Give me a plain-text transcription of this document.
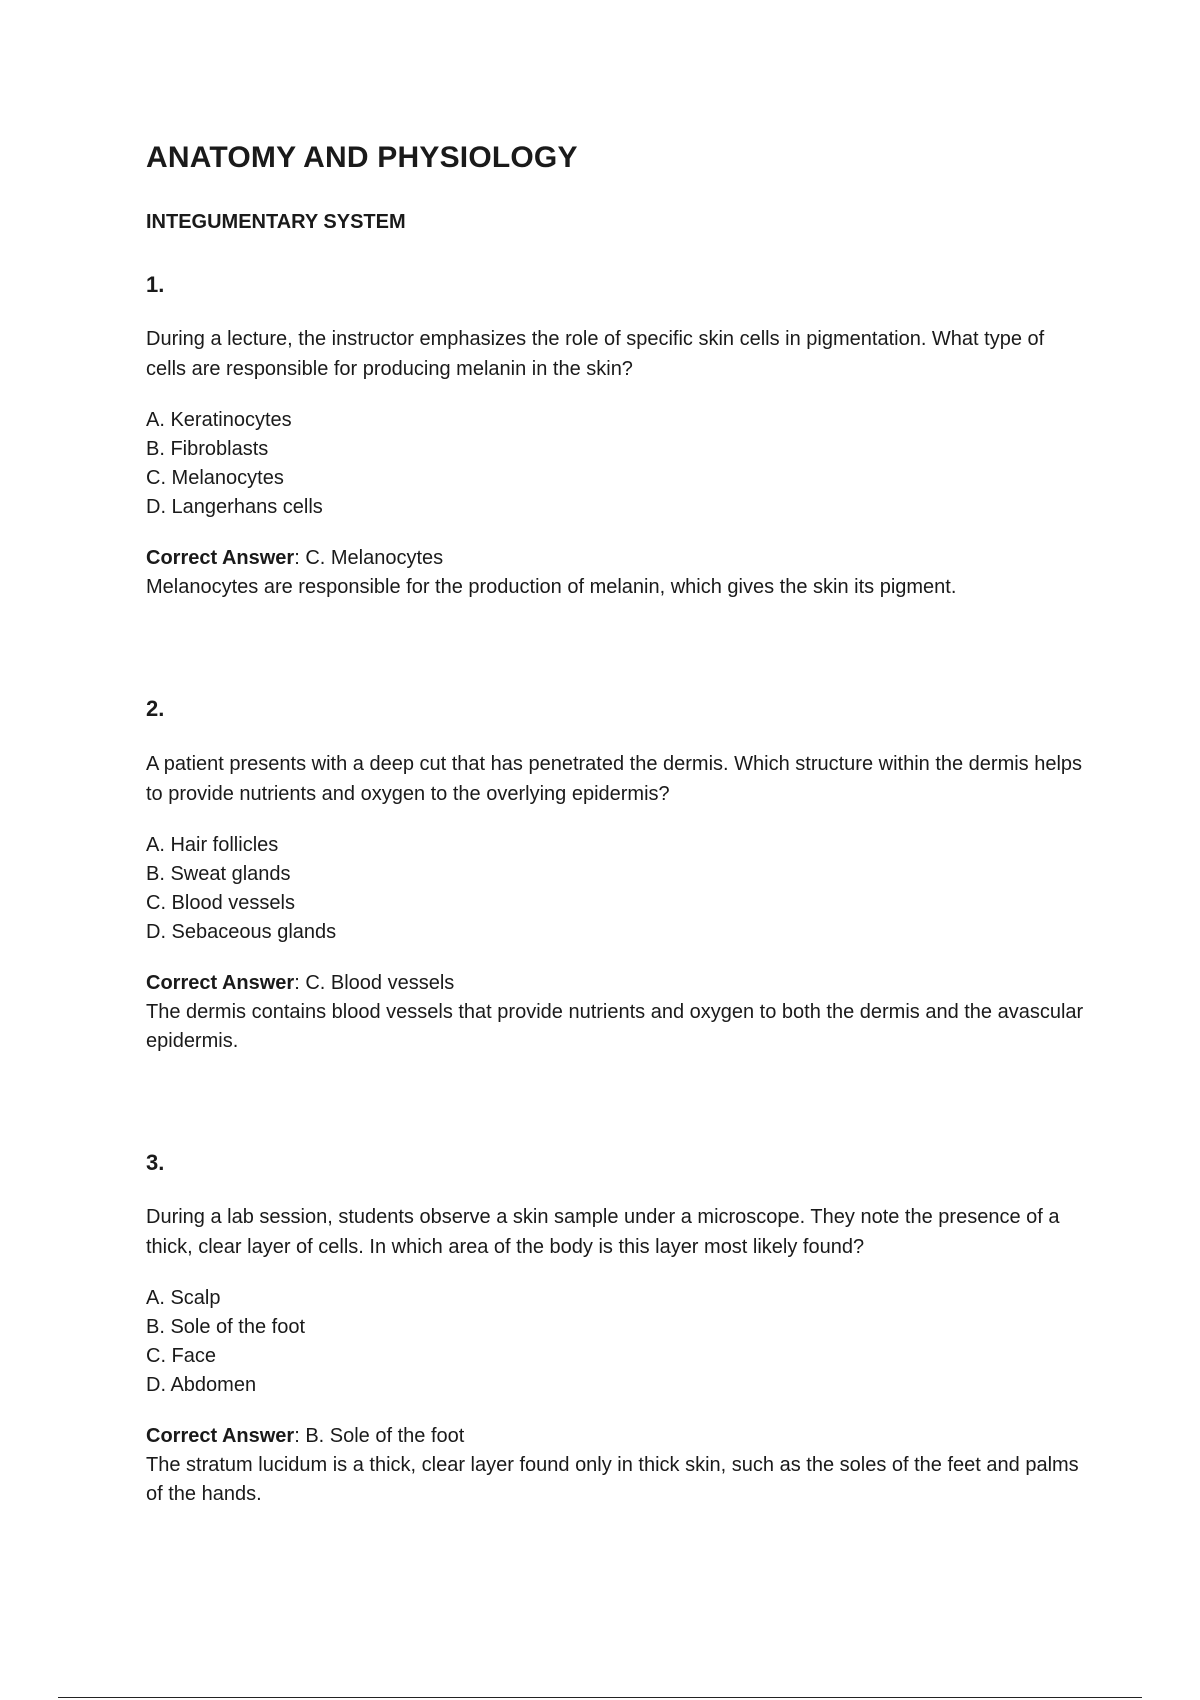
ANATOMY AND PHYSIOLOGY
INTEGUMENTARY SYSTEM

1.

During a lecture, the instructor emphasizes the role of specific skin cells in pigmentation. What type of cells are responsible for producing melanin in the skin?

A. Keratinocytes
B. Fibroblasts
C. Melanocytes
D. Langerhans cells
Correct Answer: C. Melanocytes

Melanocytes are responsible for the production of melanin, which gives the skin its pigment.

2.

A patient presents with a deep cut that has penetrated the dermis. Which structure within the dermis helps to provide nutrients and oxygen to the overlying epidermis?

A. Hair follicles
B. Sweat glands
C. Blood vessels
D. Sebaceous glands
Correct Answer: C. Blood vessels

The dermis contains blood vessels that provide nutrients and oxygen to both the dermis and the avascular epidermis.

3.

During a lab session, students observe a skin sample under a microscope. They note the presence of a thick, clear layer of cells. In which area of the body is this layer most likely found?

A. Scalp
B. Sole of the foot
C. Face
D. Abdomen
Correct Answer: B. Sole of the foot

The stratum lucidum is a thick, clear layer found only in thick skin, such as the soles of the feet and palms of the hands.
